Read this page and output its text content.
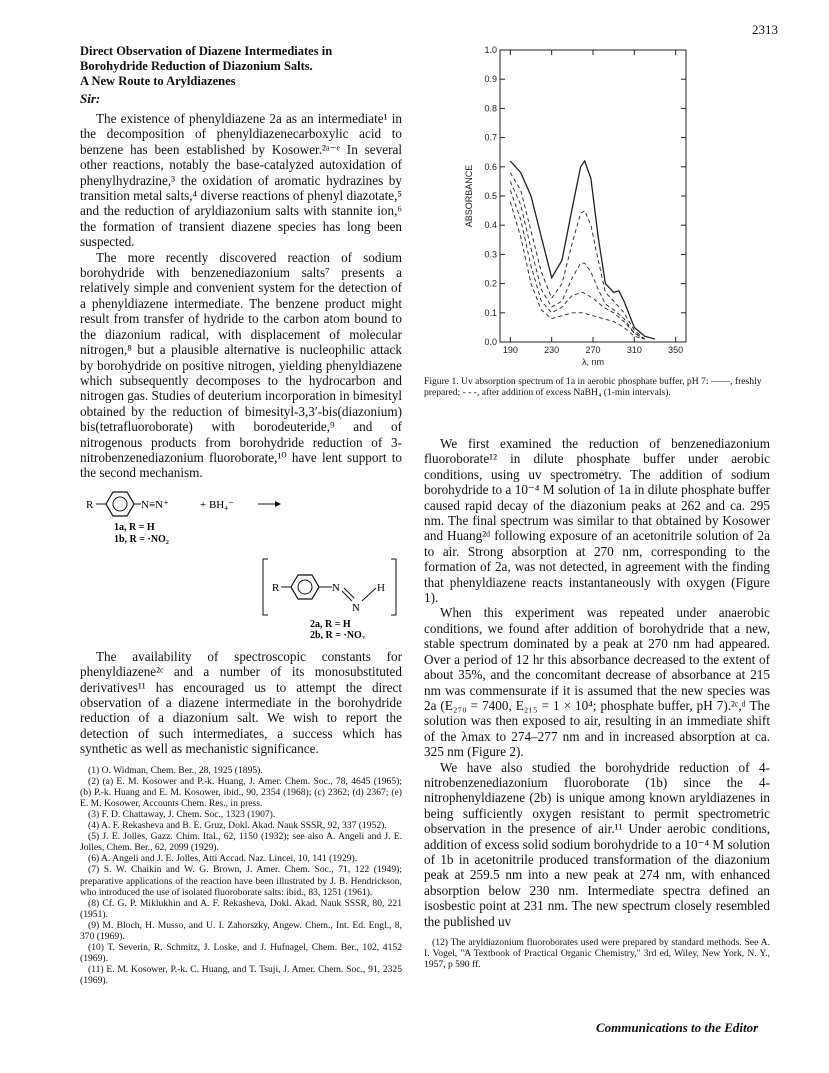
2313

Direct Observation of Diazene Intermediates in
Borohydride Reduction of Diazonium Salts.
A New Route to Aryldiazenes

Sir:

The existence of phenyldiazene 2a as an intermediate¹ in the decomposition of phenyldiazenecarboxylic acid to benzene has been established by Kosower.²ᵃ⁻ᵉ In several other reactions, notably the base-catalyzed autoxidation of phenylhydrazine,³ the oxidation of aromatic hydrazines by transition metal salts,⁴ diverse reactions of phenyl diazotate,⁵ and the reduction of aryldiazonium salts with stannite ion,⁶ the formation of transient diazene species has long been suspected.

The more recently discovered reaction of sodium borohydride with benzenediazonium salts⁷ presents a relatively simple and convenient system for the detection of a phenyldiazene intermediate. The benzene product might result from transfer of hydride to the carbon atom bound to the diazonium radical, with displacement of molecular nitrogen,⁸ but a plausible alternative is nucleophilic attack by borohydride on positive nitrogen, yielding phenyldiazene which subsequently decomposes to the hydrocarbon and nitrogen gas. Studies of deuterium incorporation in bimesityl obtained by the reduction of bimesityl-3,3′-bis(diazonium) bis(tetrafluoroborate) with borodeuteride,⁹ and of nitrogenous products from borohydride reduction of 3-nitrobenzenediazonium fluoroborate,¹⁰ have lent support to the second mechanism.

R	N≡N⁺	+ BH₄⁻
1a, R = H
1b, R = ·NO₂
R	N
N
H
2a, R = H
2b, R = ·NO₂

The availability of spectroscopic constants for phenyldiazene²ᶜ and a number of its monosubstituted derivatives¹¹ has encouraged us to attempt the direct observation of a diazene intermediate in the borohydride reduction of a diazonium salt. We wish to report the detection of such intermediates, a success which has synthetic as well as mechanistic significance.

(1) O. Widman, Chem. Ber., 28, 1925 (1895).

(2) (a) E. M. Kosower and P.-k. Huang, J. Amer. Chem. Soc., 78, 4645 (1965); (b) P.-k. Huang and E. M. Kosower, ibid., 90, 2354 (1968); (c) 2362; (d) 2367; (e) E. M. Kosower, Accounts Chem. Res., in press.

(3) F. D. Chattaway, J. Chem. Soc., 1323 (1907).

(4) A. F. Rekasheva and B. E. Gruz, Dokl. Akad. Nauk SSSR, 92, 337 (1952).

(5) J. E. Jolles, Gazz. Chim. Ital., 62, 1150 (1932); see also A. Angeli and J. E. Jolles, Chem. Ber., 62, 2099 (1929).

(6) A. Angeli and J. E. Jolles, Atti Accad. Naz. Lincei, 10, 141 (1929).

(7) S. W. Chaikin and W. G. Brown, J. Amer. Chem. Soc., 71, 122 (1949); preparative applications of the reaction have been illustrated by J. B. Hendrickson, who introduced the use of isolated fluoroborate salts: ibid., 83, 1251 (1961).

(8) Cf. G. P. Miklukhin and A. F. Rekasheva, Dokl. Akad. Nauk SSSR, 80, 221 (1951).

(9) M. Bloch, H. Musso, and U. I. Zahorszky, Angew. Chem., Int. Ed. Engl., 8, 370 (1969).

(10) T. Severin, R. Schmitz, J. Loske, and J. Hufnagel, Chem. Ber., 102, 4152 (1969).

(11) E. M. Kosower, P.-k. C. Huang, and T. Tsuji, J. Amer. Chem. Soc., 91, 2325 (1969).

0.0
0.1
0.2
0.3
0.4
0.5
0.6
0.7
0.8
0.9
1.0
190	230	270	310	350
ABSORBANCE
λ, nm
Figure 1. Uv absorption spectrum of 1a in aerobic phosphate buffer, pH 7: ——, freshly prepared; - - -, after addition of excess NaBH₄ (1-min intervals).

We first examined the reduction of benzenediazonium fluoroborate¹² in dilute phosphate buffer under aerobic conditions, using uv spectrometry. The addition of sodium borohydride to a 10⁻⁴ M solution of 1a in dilute phosphate buffer caused rapid decay of the diazonium peaks at 262 and ca. 295 nm. The final spectrum was similar to that obtained by Kosower and Huang²ᵈ following exposure of an acetonitrile solution of 2a to air. Strong absorption at 270 nm, corresponding to the formation of 2a, was not detected, in agreement with the finding that phenyldiazene reacts instantaneously with oxygen (Figure 1).

When this experiment was repeated under anaerobic conditions, we found after addition of borohydride that a new, stable spectrum dominated by a peak at 270 nm had appeared. Over a period of 12 hr this absorbance decreased to the extent of about 35%, and the concomitant decrease of absorbance at 215 nm was commensurate if it is assumed that the new species was 2a (E₂₇₀ = 7400, E₂₁₅ = 1 × 10⁴; phosphate buffer, pH 7).²ᶜ,ᵈ The solution was then exposed to air, resulting in an immediate shift of the λmax to 274–277 nm and in increased absorption at ca. 325 nm (Figure 2).

We have also studied the borohydride reduction of 4-nitrobenzenediazonium fluoroborate (1b) since the 4-nitrophenyldiazene (2b) is unique among known aryldiazenes in being sufficiently oxygen resistant to permit spectrometric observation in the presence of air.¹¹ Under aerobic conditions, addition of excess solid sodium borohydride to a 10⁻⁴ M solution of 1b in acetonitrile produced transformation of the diazonium peak at 259.5 nm into a new peak at 274 nm, with enhanced absorption below 230 nm. Intermediate spectra defined an isosbestic point at 231 nm. The new spectrum closely resembled the published uv

(12) The aryldiazonium fluoroborates used were prepared by standard methods. See A. I. Vogel, "A Textbook of Practical Organic Chemistry," 3rd ed, Wiley, New York, N. Y., 1957, p 590 ff.

Communications to the Editor
